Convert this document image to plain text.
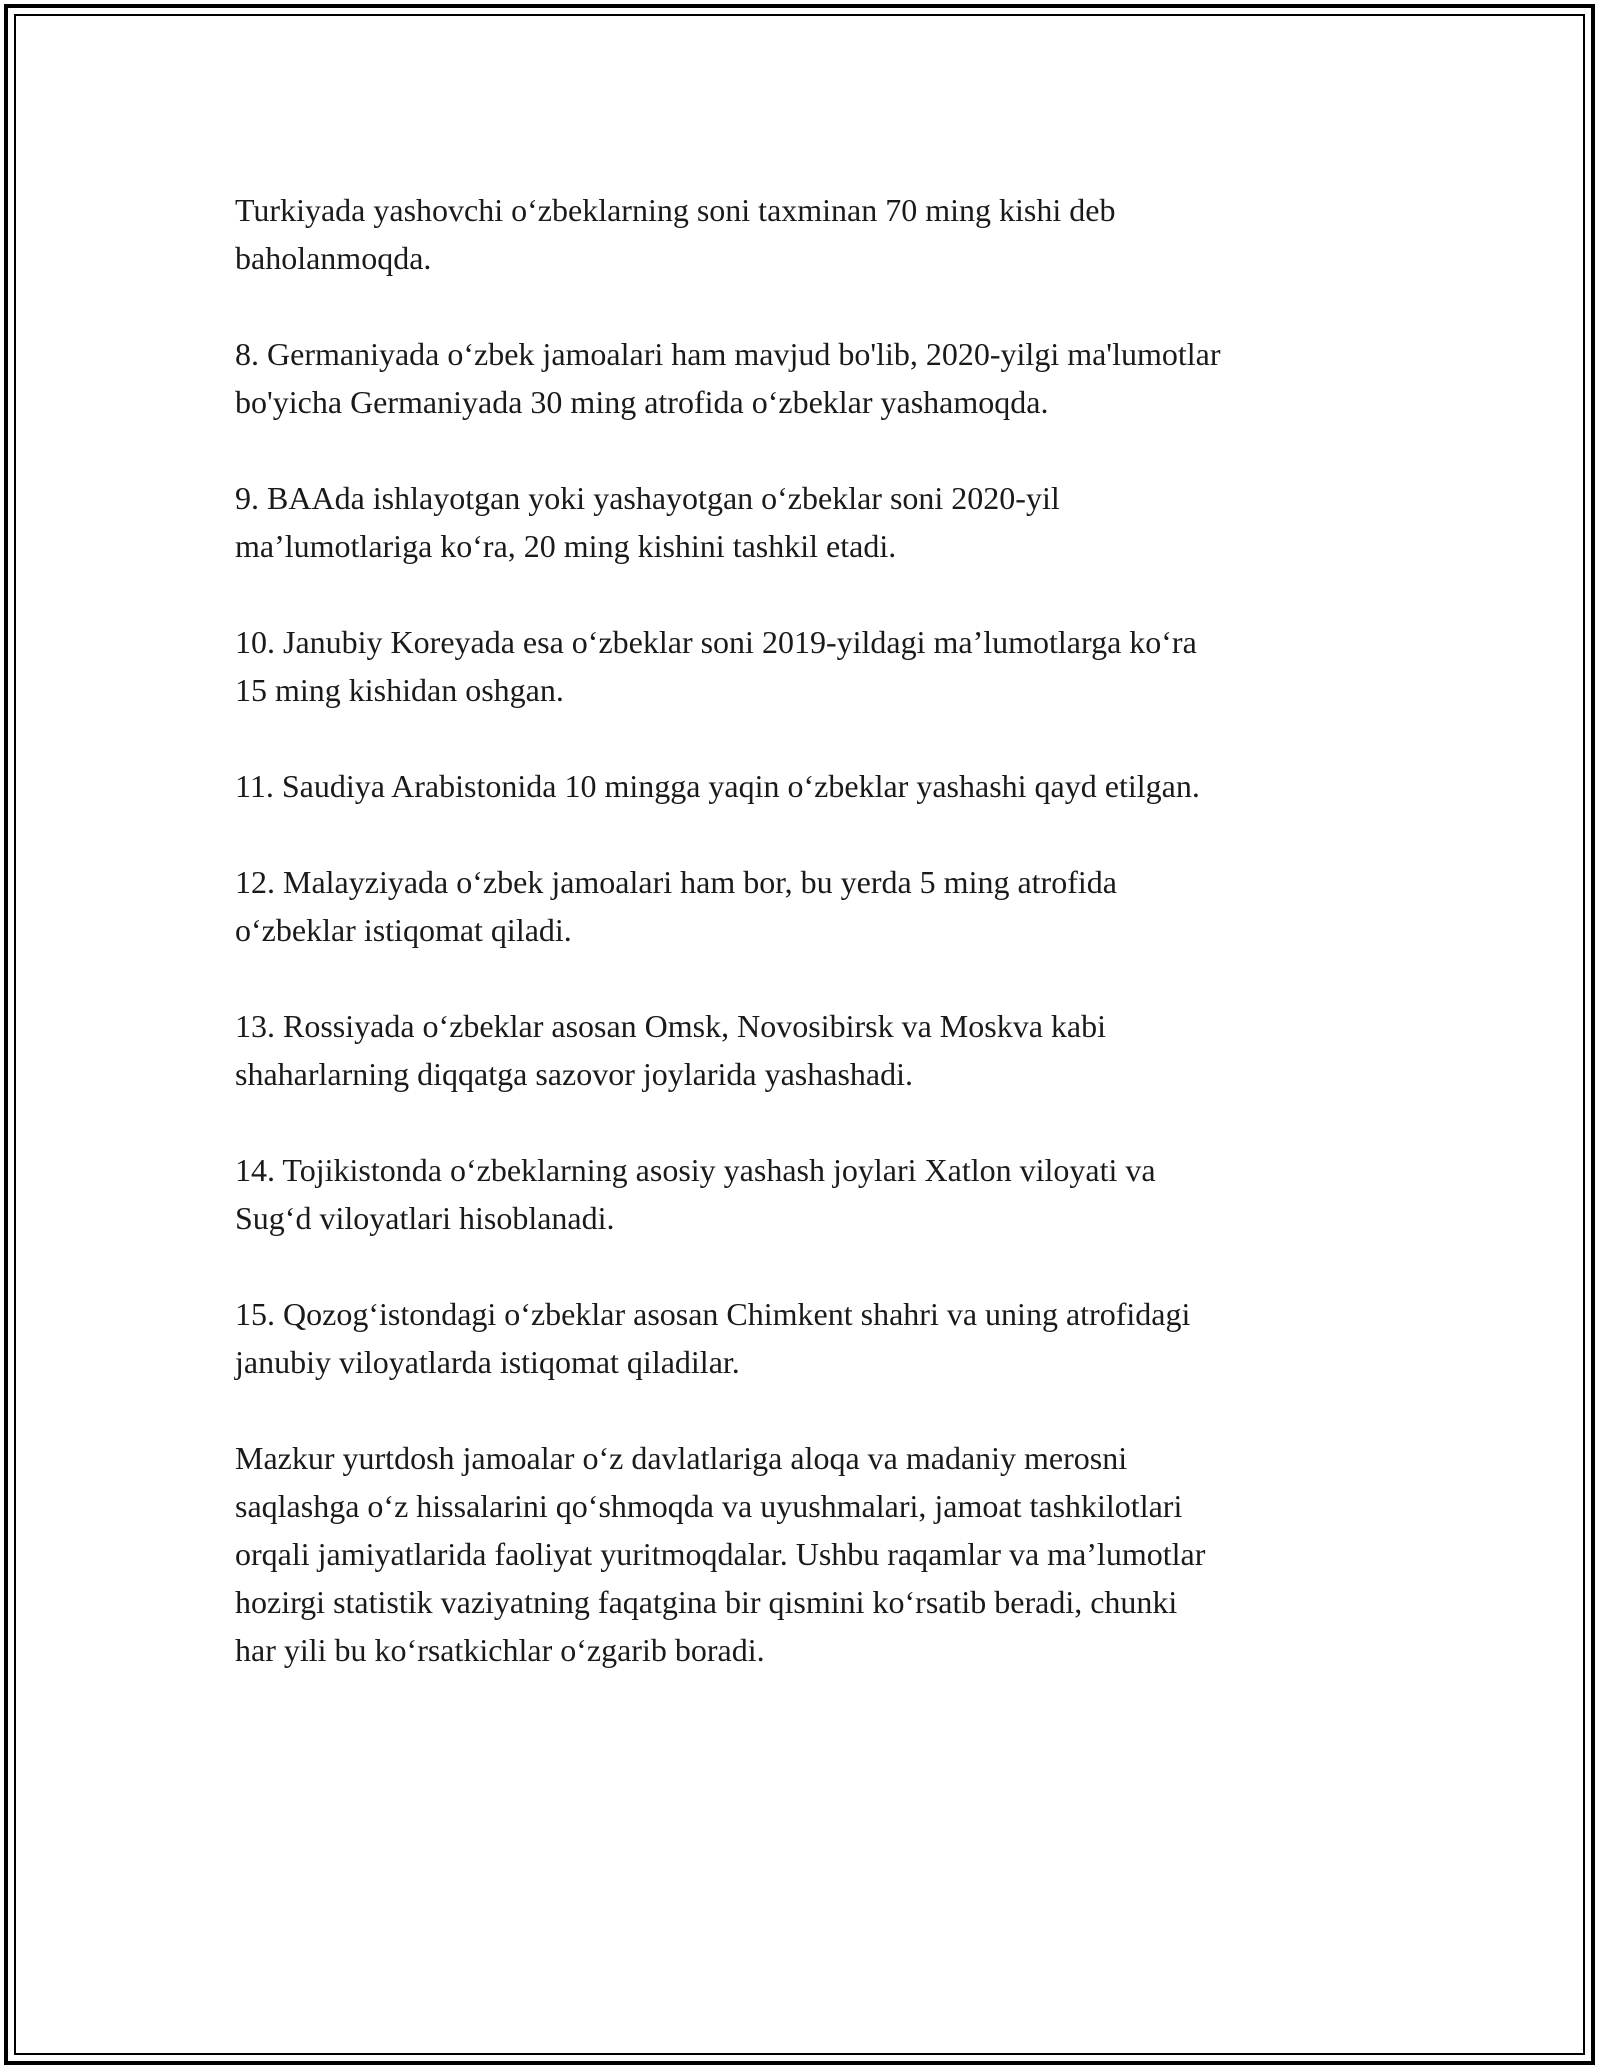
Turkiyada yashovchi o‘zbeklarning soni taxminan 70 ming kishi deb
baholanmoqda.

8. Germaniyada o‘zbek jamoalari ham mavjud bo'lib, 2020-yilgi ma'lumotlar
bo'yicha Germaniyada 30 ming atrofida o‘zbeklar yashamoqda.

9. BAAda ishlayotgan yoki yashayotgan o‘zbeklar soni 2020-yil
ma’lumotlariga ko‘ra, 20 ming kishini tashkil etadi.

10. Janubiy Koreyada esa o‘zbeklar soni 2019-yildagi ma’lumotlarga ko‘ra
15 ming kishidan oshgan.

11. Saudiya Arabistonida 10 mingga yaqin o‘zbeklar yashashi qayd etilgan.

12. Malayziyada o‘zbek jamoalari ham bor, bu yerda 5 ming atrofida
o‘zbeklar istiqomat qiladi.

13. Rossiyada o‘zbeklar asosan Omsk, Novosibirsk va Moskva kabi
shaharlarning diqqatga sazovor joylarida yashashadi.

14. Tojikistonda o‘zbeklarning asosiy yashash joylari Xatlon viloyati va
Sug‘d viloyatlari hisoblanadi.

15. Qozog‘istondagi o‘zbeklar asosan Chimkent shahri va uning atrofidagi
janubiy viloyatlarda istiqomat qiladilar.

Mazkur yurtdosh jamoalar o‘z davlatlariga aloqa va madaniy merosni
saqlashga o‘z hissalarini qo‘shmoqda va uyushmalari, jamoat tashkilotlari
orqali jamiyatlarida faoliyat yuritmoqdalar. Ushbu raqamlar va ma’lumotlar
hozirgi statistik vaziyatning faqatgina bir qismini ko‘rsatib beradi, chunki
har yili bu ko‘rsatkichlar o‘zgarib boradi.
